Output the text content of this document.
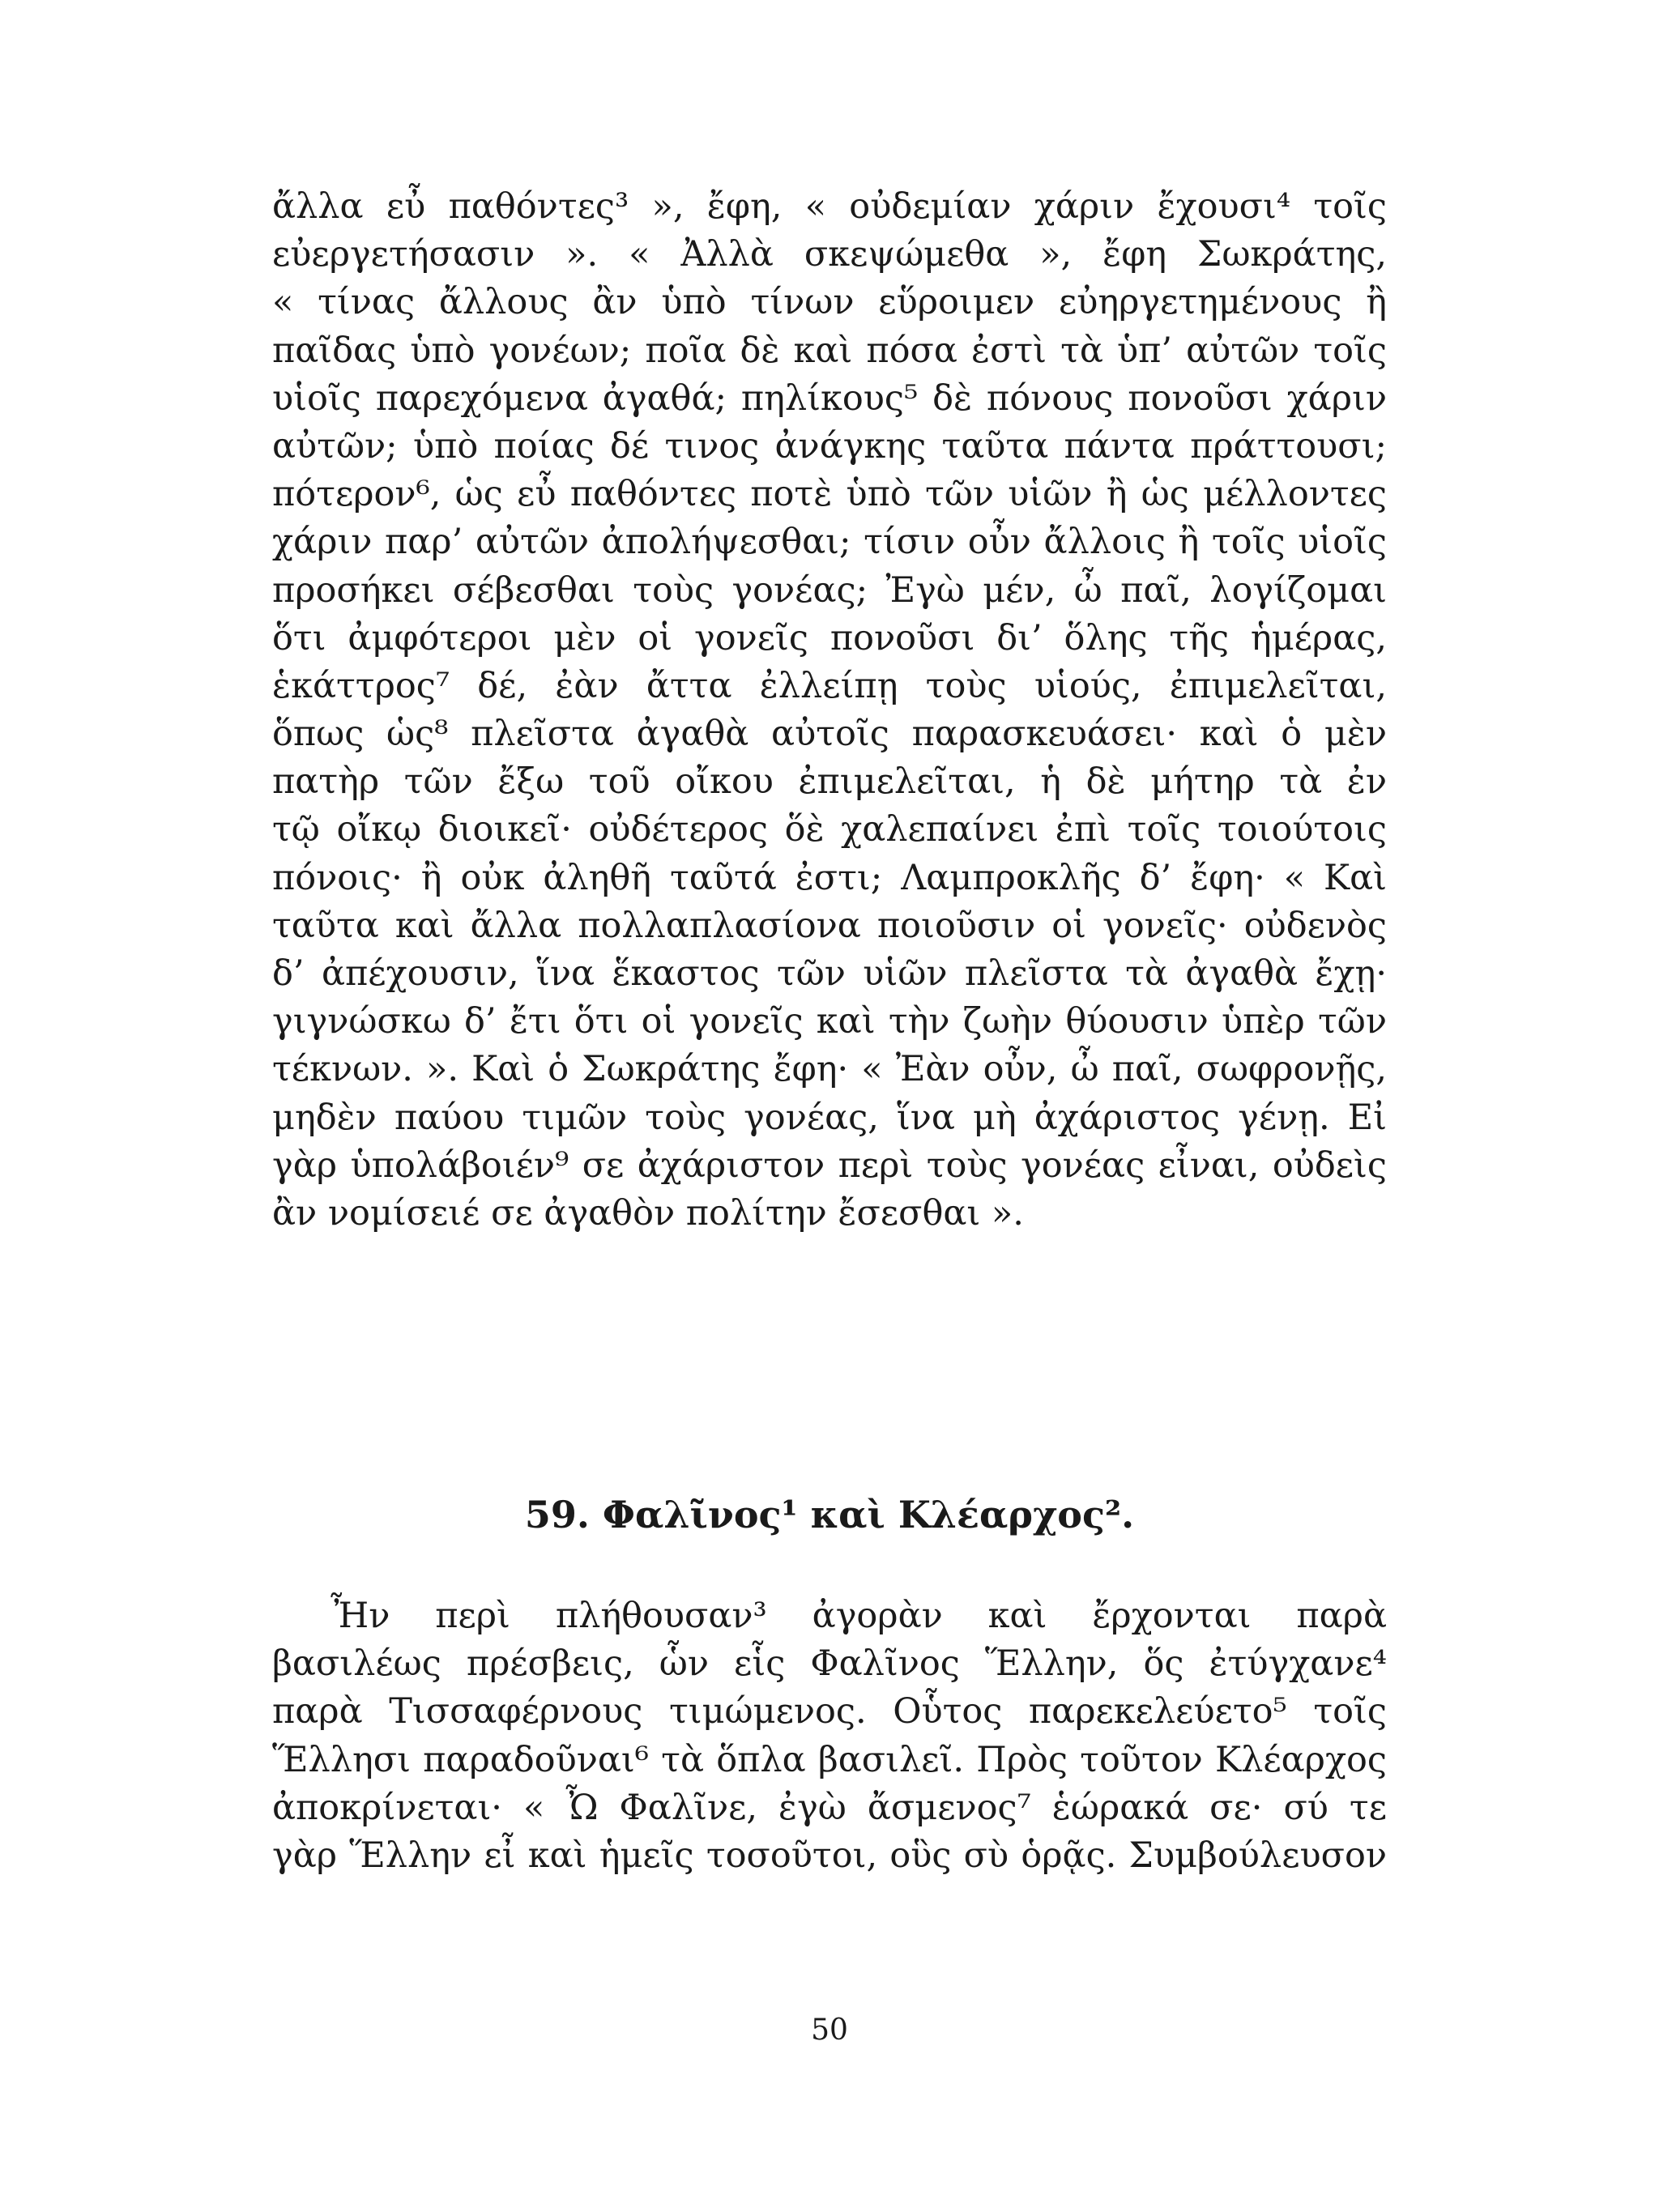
ἄλλα εὖ παθόντες³ », ἔφη, « οὐδεμίαν χάριν ἔχουσι⁴ τοῖς
εὐεργετήσασιν ». « Ἀλλὰ σκεψώμεθα », ἔφη Σωκράτης,
« τίνας ἄλλους ἂν ὑπὸ τίνων εὕροιμεν εὐηργετημένους ἢ
παῖδας ὑπὸ γονέων; ποῖα δὲ καὶ πόσα ἐστὶ τὰ ὑπ’ αὐτῶν τοῖς
υἱοῖς παρεχόμενα ἀγαθά; πηλίκους⁵ δὲ πόνους πονοῦσι χάριν
αὐτῶν; ὑπὸ ποίας δέ τινος ἀνάγκης ταῦτα πάντα πράττουσι;
πότερον⁶, ὡς εὖ παθόντες ποτὲ ὑπὸ τῶν υἱῶν ἢ ὡς μέλλοντες
χάριν παρ’ αὐτῶν ἀπολήψεσθαι; τίσιν οὖν ἄλλοις ἢ τοῖς υἱοῖς
προσήκει σέβεσθαι τοὺς γονέας; Ἐγὼ μέν, ὦ παῖ, λογίζομαι
ὅτι ἀμφότεροι μὲν οἱ γονεῖς πονοῦσι δι’ ὅλης τῆς ἡμέρας,
ἑκάττρος⁷ δέ, ἐὰν ἄττα ἐλλείπῃ τοὺς υἱούς, ἐπιμελεῖται,
ὅπως ὡς⁸ πλεῖστα ἀγαθὰ αὐτοῖς παρασκευάσει· καὶ ὁ μὲν
πατὴρ τῶν ἔξω τοῦ οἴκου ἐπιμελεῖται, ἡ δὲ μήτηρ τὰ ἐν
τῷ οἴκῳ διοικεῖ· οὐδέτερος ὅὲ χαλεπαίνει ἐπὶ τοῖς τοιούτοις
πόνοις· ἢ οὐκ ἀληθῆ ταῦτά ἐστι; Λαμπροκλῆς δ’ ἔφη· « Καὶ
ταῦτα καὶ ἄλλα πολλαπλασίονα ποιοῦσιν οἱ γονεῖς· οὐδενὸς
δ’ ἀπέχουσιν, ἵνα ἕκαστος τῶν υἱῶν πλεῖστα τὰ ἀγαθὰ ἔχῃ·
γιγνώσκω δ’ ἔτι ὅτι οἱ γονεῖς καὶ τὴν ζωὴν θύουσιν ὑπὲρ τῶν
τέκνων. ». Καὶ ὁ Σωκράτης ἔφη· « Ἐὰν οὖν, ὦ παῖ, σωφρονῇς,
μηδὲν παύου τιμῶν τοὺς γονέας, ἵνα μὴ ἀχάριστος γένῃ. Εἰ
γὰρ ὑπολάβοιέν⁹ σε ἀχάριστον περὶ τοὺς γονέας εἶναι, οὐδεὶς
ἂν νομίσειέ σε ἀγαθὸν πολίτην ἔσεσθαι ».
59. Φαλῖνος¹ καὶ Κλέαρχος².
Ἦν περὶ πλήθουσαν³ ἀγορὰν καὶ ἔρχονται παρὰ
βασιλέως πρέσβεις, ὧν εἷς Φαλῖνος Ἕλλην, ὅς ἐτύγχανε⁴
παρὰ Τισσαφέρνους τιμώμενος. Οὗτος παρεκελεύετο⁵ τοῖς
Ἕλλησι παραδοῦναι⁶ τὰ ὅπλα βασιλεῖ. Πρὸς τοῦτον Κλέαρχος
ἀποκρίνεται· « Ὦ Φαλῖνε, ἐγὼ ἄσμενος⁷ ἑώρακά σε· σύ τε
γὰρ Ἕλλην εἶ καὶ ἡμεῖς τοσοῦτοι, οὓς σὺ ὁρᾷς. Συμβούλευσον
50
